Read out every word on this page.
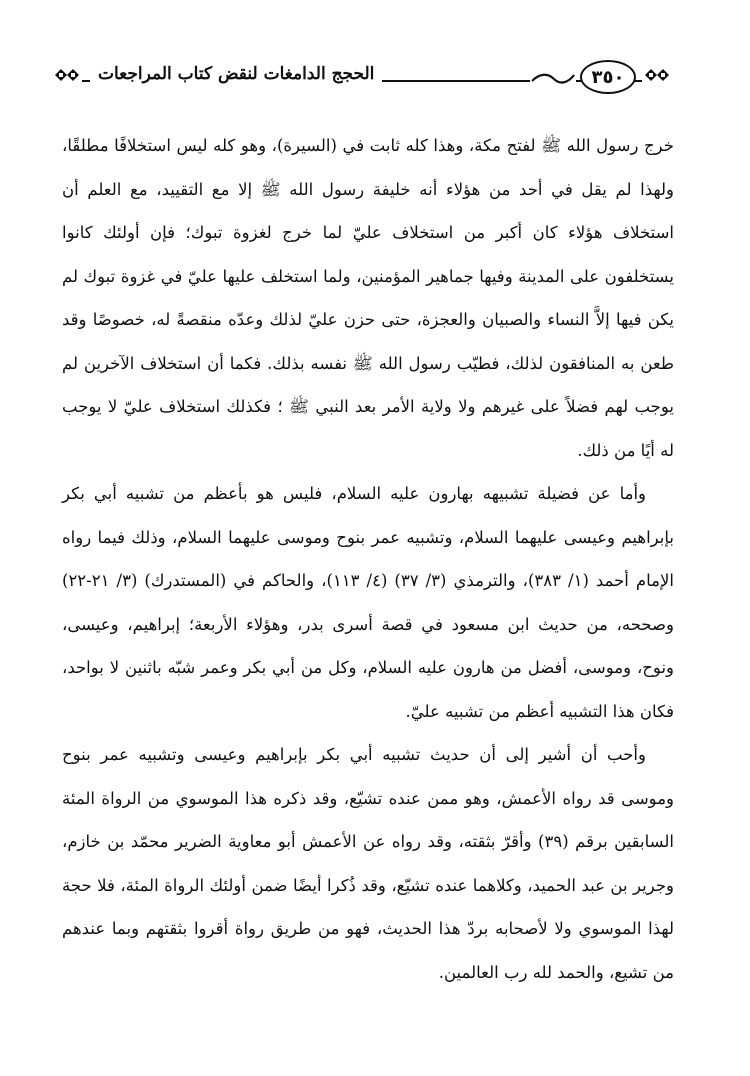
٣٥٠
الحجج الدامغات لنقض كتاب المراجعات

خرج رسول الله ﷺ لفتح مكة، وهذا كله ثابت في (السيرة)، وهو كله ليس استخلافًا مطلقًا، ولهذا لم يقل في أحد من هؤلاء أنه خليفة رسول الله ﷺ إلا مع التقييد، مع العلم أن استخلاف هؤلاء كان أكبر من استخلاف عليّ لما خرج لغزوة تبوك؛ فإن أولئك كانوا يستخلفون على المدينة وفيها جماهير المؤمنين، ولما استخلف عليها عليّ في غزوة تبوك لم يكن فيها إلاَّ النساء والصبيان والعجزة، حتى حزن عليّ لذلك وعدّه منقصةً له، خصوصًا وقد طعن به المنافقون لذلك، فطيّب رسول الله ﷺ نفسه بذلك. فكما أن استخلاف الآخرين لم يوجب لهم فضلاً على غيرهم ولا ولاية الأمر بعد النبي ﷺ ؛ فكذلك استخلاف عليّ لا يوجب له أيًا من ذلك.

وأما عن فضيلة تشبيهه بهارون عليه السلام، فليس هو بأعظم من تشبيه أبي بكر بإبراهيم وعيسى عليهما السلام، وتشبيه عمر بنوح وموسى عليهما السلام، وذلك فيما رواه الإمام أحمد (١/ ٣٨٣)، والترمذي (٣/ ٣٧) (٤/ ١١٣)، والحاكم في (المستدرك) (٣/ ٢١-٢٢) وصححه، من حديث ابن مسعود في قصة أسرى بدر، وهؤلاء الأربعة؛ إبراهيم، وعيسى، ونوح، وموسى، أفضل من هارون عليه السلام، وكل من أبي بكر وعمر شبّه باثنين لا بواحد، فكان هذا التشبيه أعظم من تشبيه عليّ.

وأحب أن أشير إلى أن حديث تشبيه أبي بكر بإبراهيم وعيسى وتشبيه عمر بنوح وموسى قد رواه الأعمش، وهو ممن عنده تشيّع، وقد ذكره هذا الموسوي من الرواة المئة السابقين برقم (٣٩) وأقرّ بثقته، وقد رواه عن الأعمش أبو معاوية الضرير محمّد بن خازم، وجرير بن عبد الحميد، وكلاهما عنده تشيّع، وقد ذُكرا أيضًا ضمن أولئك الرواة المئة، فلا حجة لهذا الموسوي ولا لأصحابه بردّ هذا الحديث، فهو من طريق رواة أقروا بثقتهم وبما عندهم من تشيع، والحمد لله رب العالمين.
